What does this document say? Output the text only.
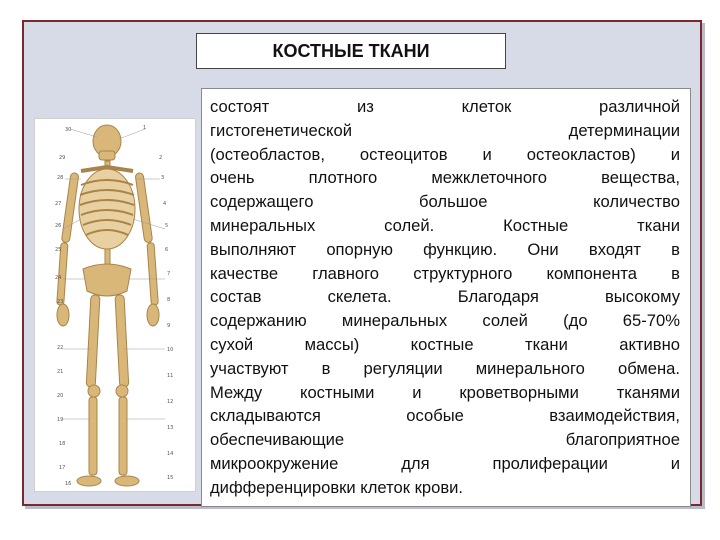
КОСТНЫЕ ТКАНИ
30	1
29	2
28	3
27	4
26	5
25	6
7
24
8
23
9
22
21
10
20
11
19
12
18
13
17
14
16
15
состоят из клеток различной
гистогенетической детерминации
(остеобластов, остеоцитов и остеокластов) и
очень плотного межклеточного вещества,
содержащего большое количество
минеральных солей. Костные ткани
выполняют опорную функцию. Они входят в
качестве главного структурного компонента в
состав скелета. Благодаря высокому
содержанию минеральных солей (до 65-70%
сухой массы) костные ткани активно
участвуют в регуляции минерального обмена.
Между костными и кроветворными тканями
складываются особые взаимодействия,
обеспечивающие благоприятное
микроокружение для пролиферации и
дифференцировки клеток крови.
